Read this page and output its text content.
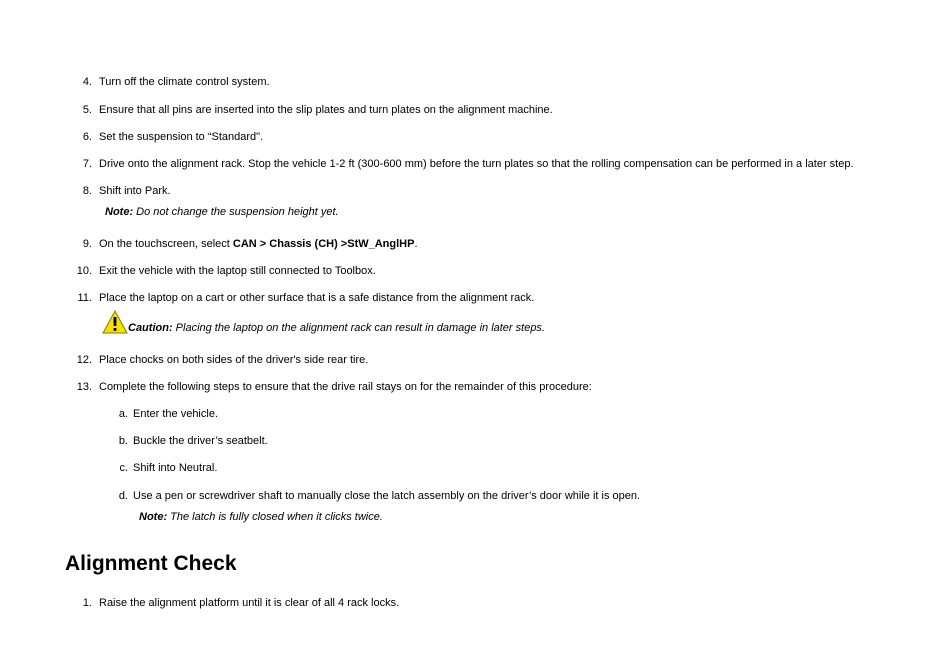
4. Turn off the climate control system.
5. Ensure that all pins are inserted into the slip plates and turn plates on the alignment machine.
6. Set the suspension to “Standard".
7. Drive onto the alignment rack. Stop the vehicle 1-2 ft (300-600 mm) before the turn plates so that the rolling compensation can be performed in a later step.
8. Shift into Park.
Note: Do not change the suspension height yet.
9. On the touchscreen, select CAN > Chassis (CH) >StW_AnglHP.
10. Exit the vehicle with the laptop still connected to Toolbox.
11. Place the laptop on a cart or other surface that is a safe distance from the alignment rack.
Caution: Placing the laptop on the alignment rack can result in damage in later steps.
12. Place chocks on both sides of the driver's side rear tire.
13. Complete the following steps to ensure that the drive rail stays on for the remainder of this procedure:
a. Enter the vehicle.
b. Buckle the driver’s seatbelt.
c. Shift into Neutral.
d. Use a pen or screwdriver shaft to manually close the latch assembly on the driver’s door while it is open.
Note: The latch is fully closed when it clicks twice.
Alignment Check
1. Raise the alignment platform until it is clear of all 4 rack locks.
